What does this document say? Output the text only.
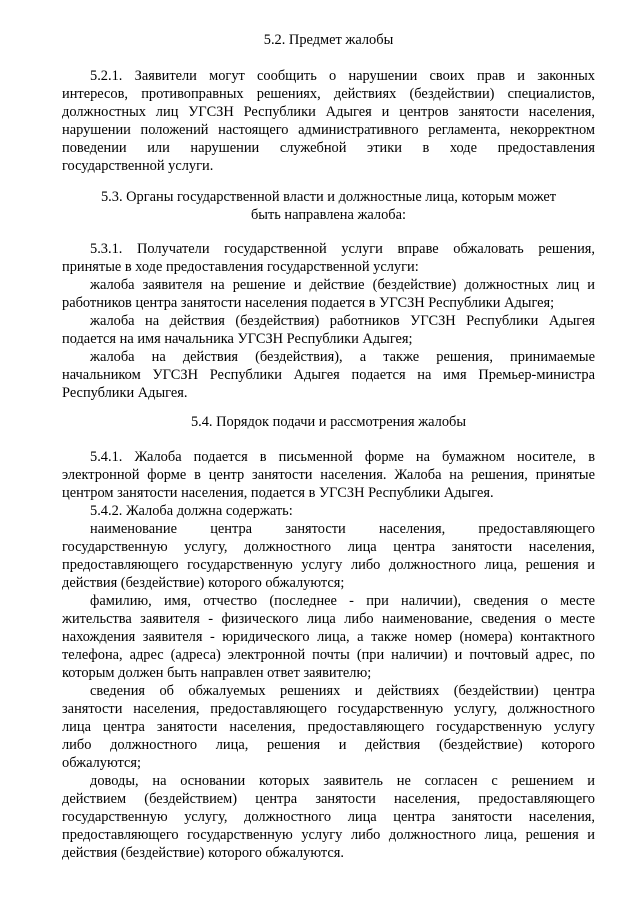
5.2. Предмет жалобы
5.2.1. Заявители могут сообщить о нарушении своих прав и законных
интересов, противоправных решениях, действиях (бездействии) специалистов,
должностных лиц УГСЗН Республики Адыгея и центров занятости населения,
нарушении положений настоящего административного регламента, некорректном
поведении или нарушении служебной этики в ходе предоставления
государственной услуги.
5.3. Органы государственной власти и должностные лица, которым может
быть направлена жалоба:
5.3.1. Получатели государственной услуги вправе обжаловать решения,
принятые в ходе предоставления государственной услуги:
жалоба заявителя на решение и действие (бездействие) должностных лиц и
работников центра занятости населения подается в УГСЗН Республики Адыгея;
жалоба на действия (бездействия) работников УГСЗН Республики Адыгея
подается на имя начальника УГСЗН Республики Адыгея;
жалоба на действия (бездействия), а также решения, принимаемые
начальником УГСЗН Республики Адыгея подается на имя Премьер-министра
Республики Адыгея.
5.4. Порядок подачи и рассмотрения жалобы
5.4.1. Жалоба подается в письменной форме на бумажном носителе, в
электронной форме в центр занятости населения. Жалоба на решения, принятые
центром занятости населения, подается в УГСЗН Республики Адыгея.
5.4.2. Жалоба должна содержать:
наименование центра занятости населения, предоставляющего
государственную услугу, должностного лица центра занятости населения,
предоставляющего государственную услугу либо должностного лица, решения и
действия (бездействие) которого обжалуются;
фамилию, имя, отчество (последнее - при наличии), сведения о месте
жительства заявителя - физического лица либо наименование, сведения о месте
нахождения заявителя - юридического лица, а также номер (номера) контактного
телефона, адрес (адреса) электронной почты (при наличии) и почтовый адрес, по
которым должен быть направлен ответ заявителю;
сведения об обжалуемых решениях и действиях (бездействии) центра
занятости населения, предоставляющего государственную услугу, должностного
лица центра занятости населения, предоставляющего государственную услугу
либо должностного лица, решения и действия (бездействие) которого
обжалуются;
доводы, на основании которых заявитель не согласен с решением и
действием (бездействием) центра занятости населения, предоставляющего
государственную услугу, должностного лица центра занятости населения,
предоставляющего государственную услугу либо должностного лица, решения и
действия (бездействие) которого обжалуются.
